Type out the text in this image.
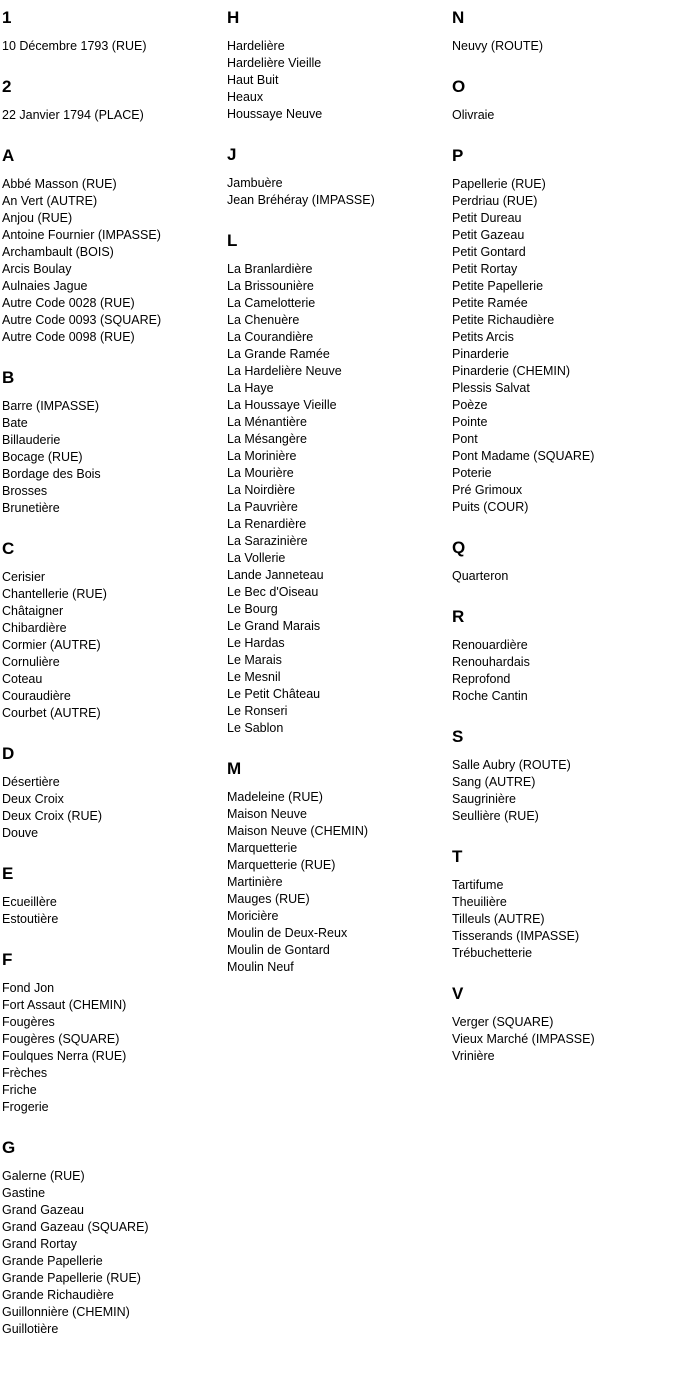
1
10 Décembre 1793 (RUE)
2
22 Janvier 1794 (PLACE)
A
Abbé Masson (RUE)
An Vert (AUTRE)
Anjou (RUE)
Antoine Fournier (IMPASSE)
Archambault (BOIS)
Arcis Boulay
Aulnaies Jague
Autre Code 0028 (RUE)
Autre Code 0093 (SQUARE)
Autre Code 0098 (RUE)
B
Barre (IMPASSE)
Bate
Billauderie
Bocage (RUE)
Bordage des Bois
Brosses
Brunetière
C
Cerisier
Chantellerie (RUE)
Châtaigner
Chibardière
Cormier (AUTRE)
Cornulière
Coteau
Couraudière
Courbet (AUTRE)
D
Désertière
Deux Croix
Deux Croix (RUE)
Douve
E
Ecueillère
Estoutière
F
Fond Jon
Fort Assaut (CHEMIN)
Fougères
Fougères (SQUARE)
Foulques Nerra (RUE)
Frèches
Friche
Frogerie
G
Galerne (RUE)
Gastine
Grand Gazeau
Grand Gazeau (SQUARE)
Grand Rortay
Grande Papellerie
Grande Papellerie (RUE)
Grande Richaudière
Guillonnière (CHEMIN)
Guillotière
H
Hardelière
Hardelière Vieille
Haut Buit
Heaux
Houssaye Neuve
J
Jambuère
Jean Bréhéray (IMPASSE)
L
La Branlardière
La Brissounière
La Camelotterie
La Chenuère
La Courandière
La Grande Ramée
La Hardelière Neuve
La Haye
La Houssaye Vieille
La Ménantière
La Mésangère
La Morinière
La Mourière
La Noirdière
La Pauvrière
La Renardière
La Sarazinière
La Vollerie
Lande Janneteau
Le Bec d'Oiseau
Le Bourg
Le Grand Marais
Le Hardas
Le Marais
Le Mesnil
Le Petit Château
Le Ronseri
Le Sablon
M
Madeleine (RUE)
Maison Neuve
Maison Neuve (CHEMIN)
Marquetterie
Marquetterie (RUE)
Martinière
Mauges (RUE)
Moricière
Moulin de Deux-Reux
Moulin de Gontard
Moulin Neuf
N
Neuvy (ROUTE)
O
Olivraie
P
Papellerie (RUE)
Perdriau (RUE)
Petit Dureau
Petit Gazeau
Petit Gontard
Petit Rortay
Petite Papellerie
Petite Ramée
Petite Richaudière
Petits Arcis
Pinarderie
Pinarderie (CHEMIN)
Plessis Salvat
Poèze
Pointe
Pont
Pont Madame (SQUARE)
Poterie
Pré Grimoux
Puits (COUR)
Q
Quarteron
R
Renouardière
Renouhardais
Reprofond
Roche Cantin
S
Salle Aubry (ROUTE)
Sang (AUTRE)
Saugrinière
Seullière (RUE)
T
Tartifume
Theuilière
Tilleuls (AUTRE)
Tisserands (IMPASSE)
Trébuchetterie
V
Verger (SQUARE)
Vieux Marché (IMPASSE)
Vrinière
